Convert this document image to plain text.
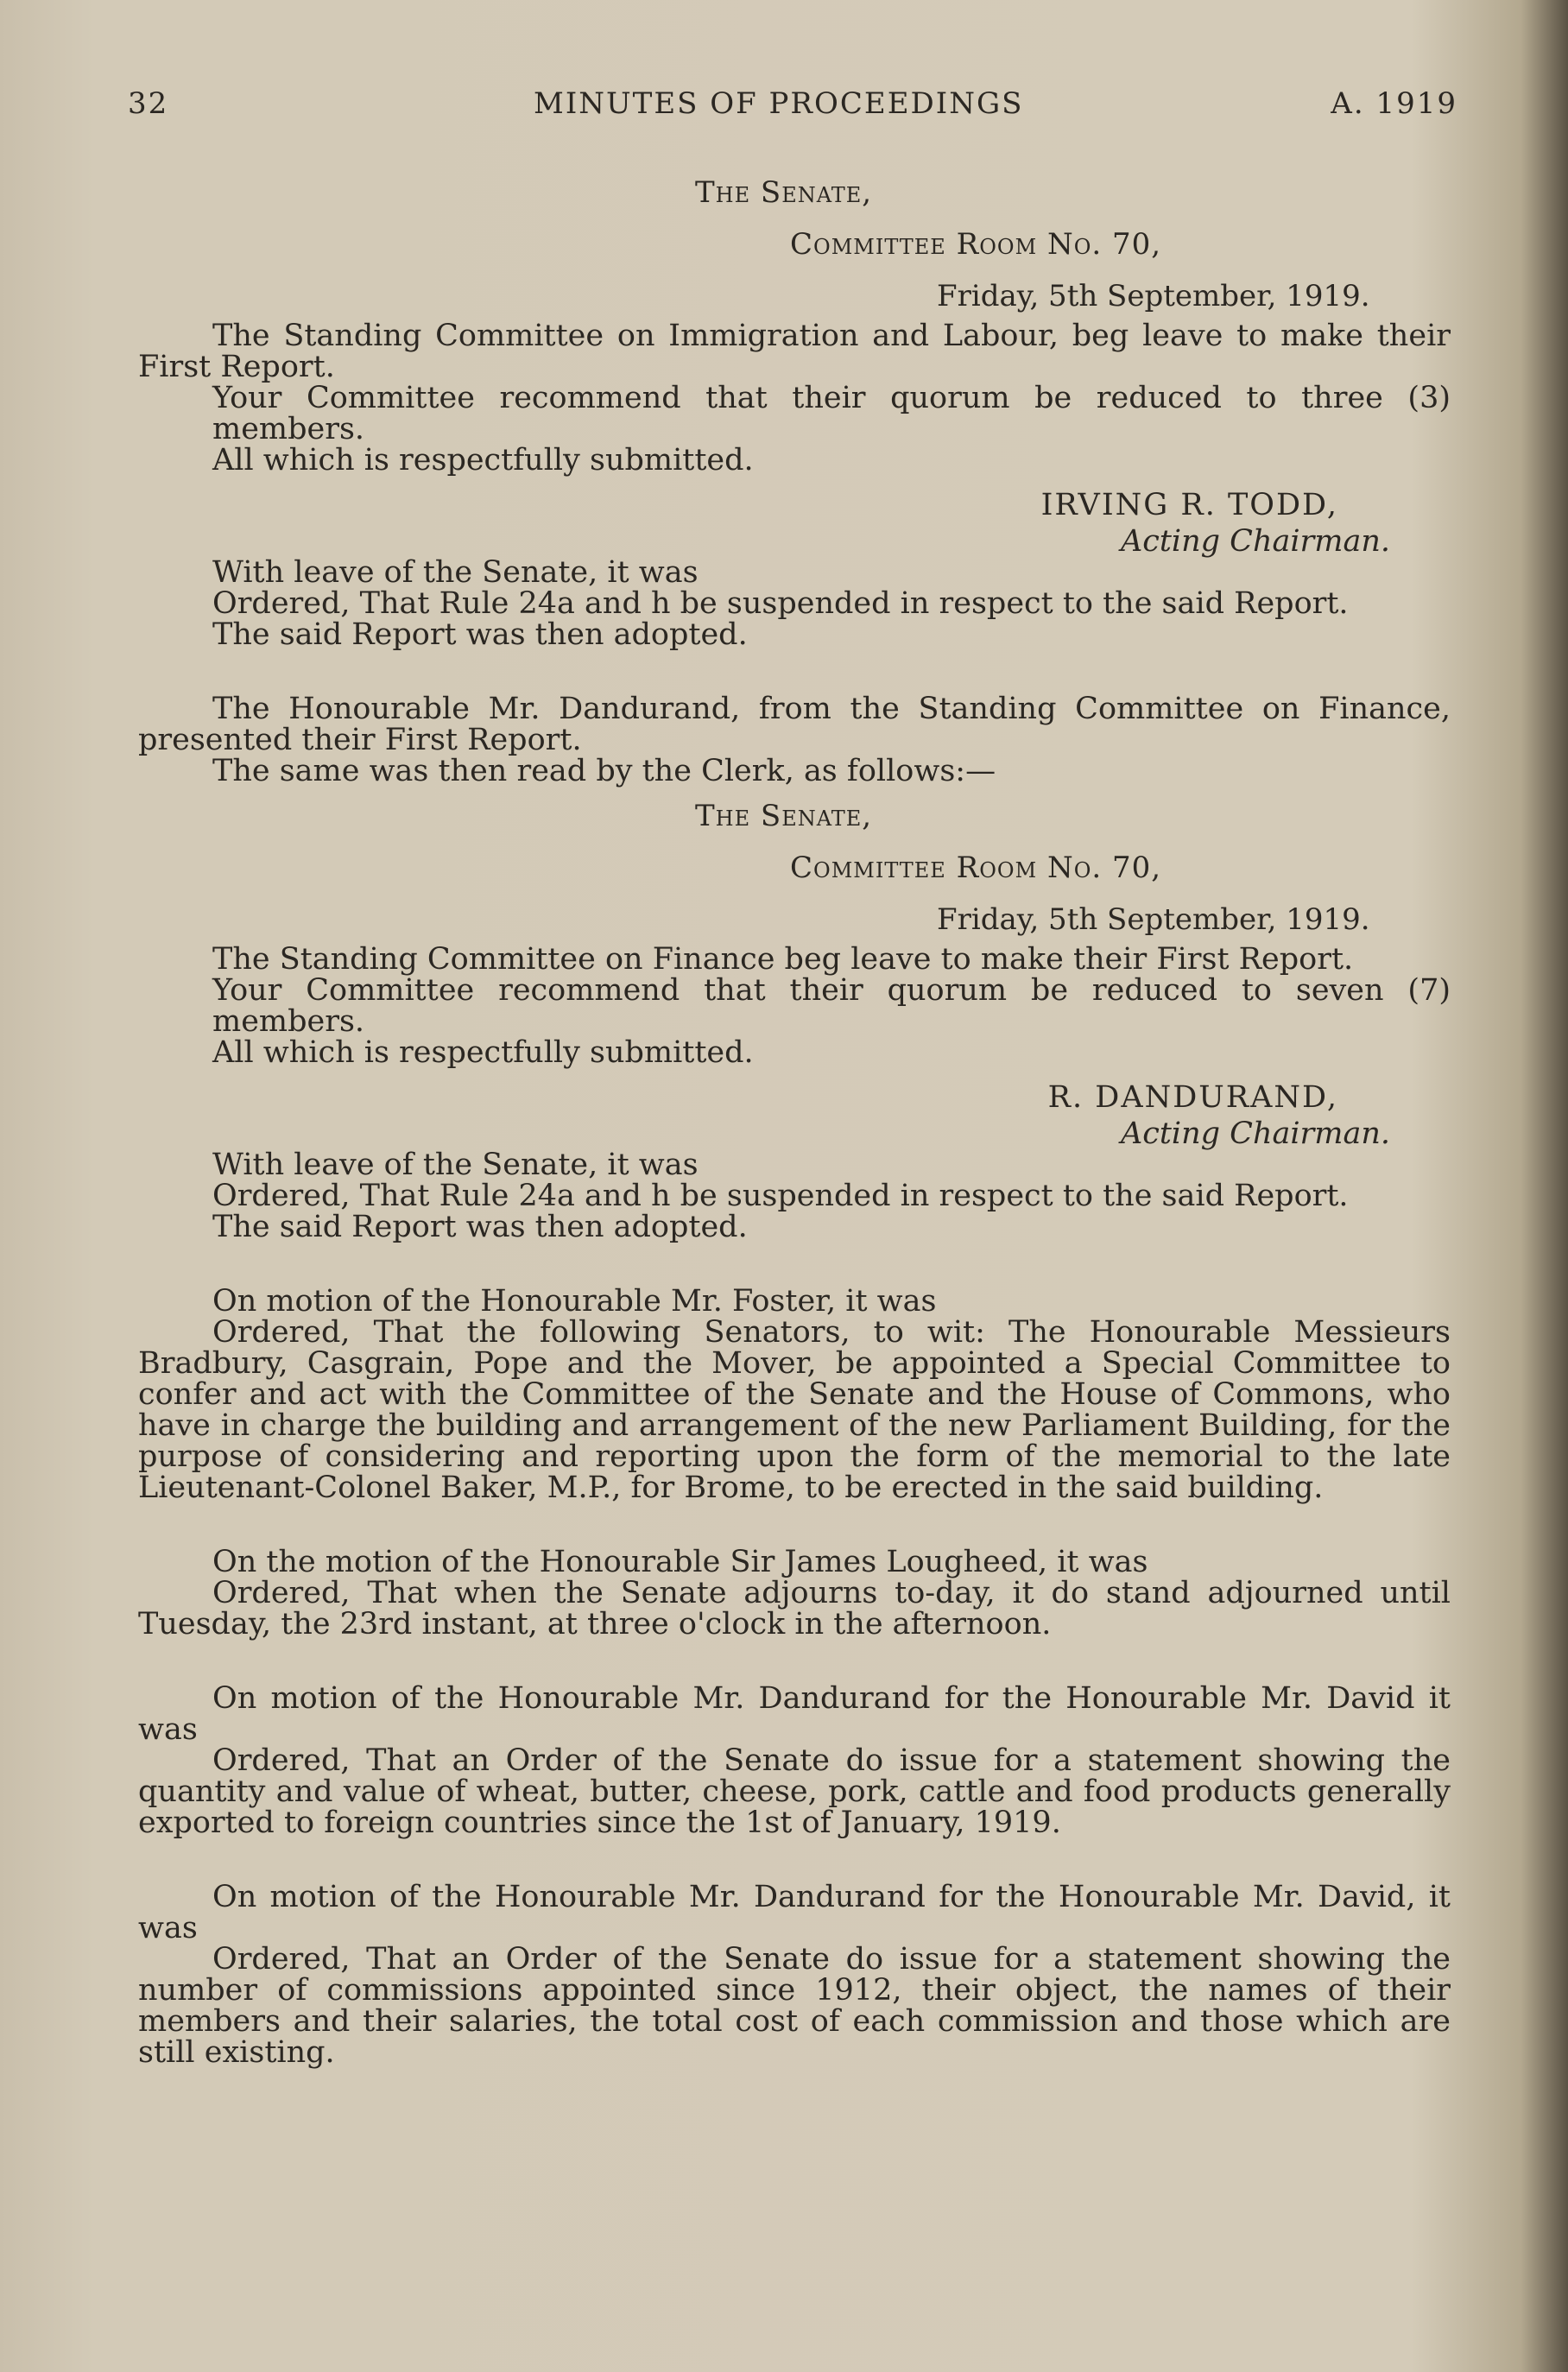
32	MINUTES OF PROCEEDINGS	A. 1919

The Senate,

Committee Room No. 70,

Friday, 5th September, 1919.

The Standing Committee on Immigration and Labour, beg leave to make their First Report.

Your Committee recommend that their quorum be reduced to three (3) members.

All which is respectfully submitted.

IRVING R. TODD,

Acting Chairman.

With leave of the Senate, it was

Ordered, That Rule 24a and h be suspended in respect to the said Report.

The said Report was then adopted.

The Honourable Mr. Dandurand, from the Standing Committee on Finance, presented their First Report.

The same was then read by the Clerk, as follows:—

The Senate,

Committee Room No. 70,

Friday, 5th September, 1919.

The Standing Committee on Finance beg leave to make their First Report.

Your Committee recommend that their quorum be reduced to seven (7) members.

All which is respectfully submitted.

R. DANDURAND,

Acting Chairman.

With leave of the Senate, it was

Ordered, That Rule 24a and h be suspended in respect to the said Report.

The said Report was then adopted.

On motion of the Honourable Mr. Foster, it was

Ordered, That the following Senators, to wit: The Honourable Messieurs Bradbury, Casgrain, Pope and the Mover, be appointed a Special Committee to confer and act with the Committee of the Senate and the House of Commons, who have in charge the building and arrangement of the new Parliament Building, for the purpose of considering and reporting upon the form of the memorial to the late Lieutenant-Colonel Baker, M.P., for Brome, to be erected in the said building.

On the motion of the Honourable Sir James Lougheed, it was

Ordered, That when the Senate adjourns to-day, it do stand adjourned until Tuesday, the 23rd instant, at three o'clock in the afternoon.

On motion of the Honourable Mr. Dandurand for the Honourable Mr. David it was

Ordered, That an Order of the Senate do issue for a statement showing the quantity and value of wheat, butter, cheese, pork, cattle and food products generally exported to foreign countries since the 1st of January, 1919.

On motion of the Honourable Mr. Dandurand for the Honourable Mr. David, it was

Ordered, That an Order of the Senate do issue for a statement showing the number of commissions appointed since 1912, their object, the names of their members and their salaries, the total cost of each commission and those which are still existing.
